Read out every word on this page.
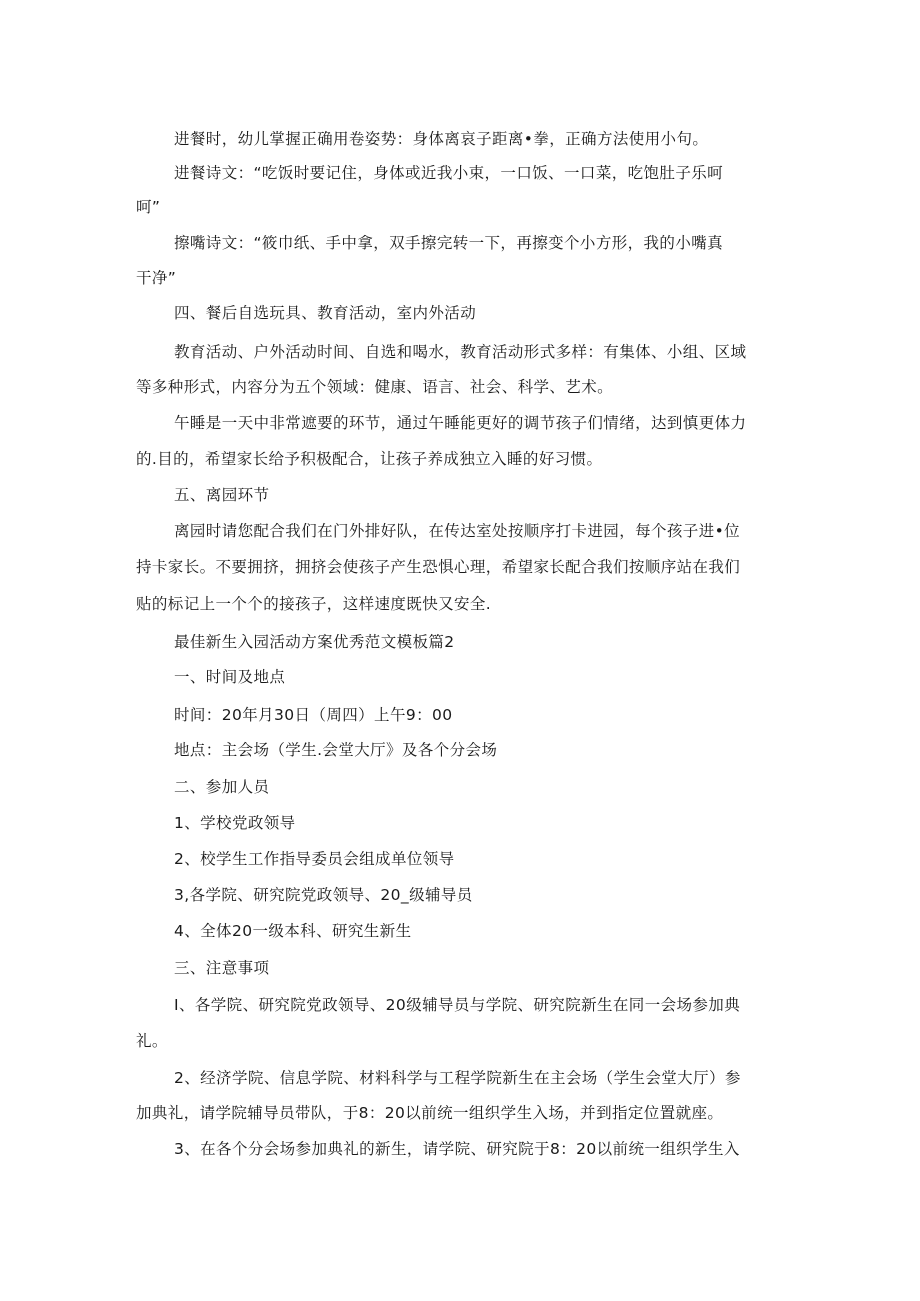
进餐时，幼儿掌握正确用卷姿势：身体离哀子距离•拳，正确方法使用小句。
进餐诗文：“吃饭时要记住，身体或近我小束，一口饭、一口菜，吃饱肚子乐呵
呵”
擦嘴诗文：“筱巾纸、手中拿，双手擦完转一下，再擦变个小方形，我的小嘴真
干净”
四、餐后自选玩具、教育活动，室内外活动
教育活动、户外活动时间、自选和喝水，教育活动形式多样：有集体、小组、区域
等多种形式，内容分为五个领域：健康、语言、社会、科学、艺术。
午睡是一天中非常遮要的环节，通过午睡能更好的调节孩子们情绪，达到慎更体力
的.目的，希望家长给予积极配合，让孩子养成独立入睡的好习惯。
五、离园环节
离园时请您配合我们在门外排好队，在传达室处按顺序打卡进园，每个孩子进•位
持卡家长。不要拥挤，拥挤会使孩子产生恐惧心理，希望家长配合我们按顺序站在我们
贴的标记上一个个的接孩子，这样速度既快又安全.
最佳新生入园活动方案优秀范文模板篇2
一、时间及地点
时间：20年月30日（周四）上午9：00
地点：主会场（学生.会堂大厅》及各个分会场
二、参加人员
1、学校党政领导
2、校学生工作指导委员会组成单位领导
3,各学院、研究院党政领导、20_级辅导员
4、全体20一级本科、研究生新生
三、注意事项
I、各学院、研究院党政领导、20级辅导员与学院、研究院新生在同一会场参加典
礼。
2、经济学院、信息学院、材料科学与工程学院新生在主会场（学生会堂大厅）参
加典礼，请学院辅导员带队，于8：20以前统一组织学生入场，并到指定位置就座。
3、在各个分会场参加典礼的新生，请学院、研究院于8：20以前统一组织学生入
